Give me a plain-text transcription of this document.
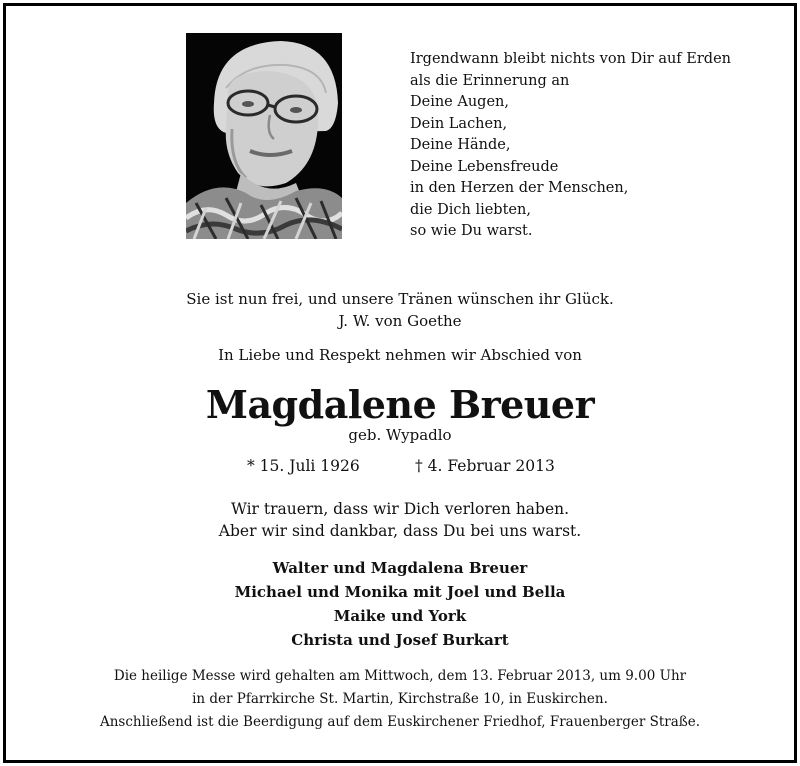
Irgendwann bleibt nichts von Dir auf Erden
als die Erinnerung an
Deine Augen,
Dein Lachen,
Deine Hände,
Deine Lebensfreude
in den Herzen der Menschen,
die Dich liebten,
so wie Du warst.
Sie ist nun frei, und unsere Tränen wünschen ihr Glück.
J. W. von Goethe
In Liebe und Respekt nehmen wir Abschied von
Magdalene Breuer
geb. Wypadlo
* 15. Juli 1926	† 4. Februar 2013
Wir trauern, dass wir Dich verloren haben.
Aber wir sind dankbar, dass Du bei uns warst.
Walter und Magdalena Breuer
Michael und Monika mit Joel und Bella
Maike und York
Christa und Josef Burkart
Die heilige Messe wird gehalten am Mittwoch, dem 13. Februar 2013, um 9.00 Uhr
in der Pfarrkirche St. Martin, Kirchstraße 10, in Euskirchen.
Anschließend ist die Beerdigung auf dem Euskirchener Friedhof, Frauenberger Straße.
